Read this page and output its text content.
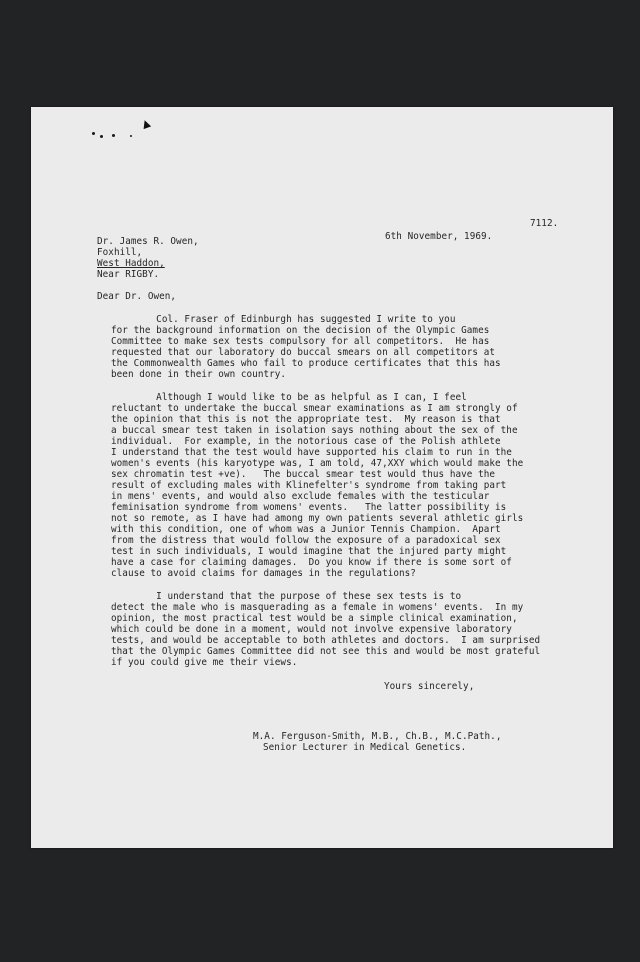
7112.
6th November, 1969.
Dr. James R. Owen,
Foxhill,
West Haddon,
Near RIGBY.
Dear Dr. Owen,
Col. Fraser of Edinburgh has suggested I write to you
for the background information on the decision of the Olympic Games
Committee to make sex tests compulsory for all competitors.  He has
requested that our laboratory do buccal smears on all competitors at
the Commonwealth Games who fail to produce certificates that this has
been done in their own country.
Although I would like to be as helpful as I can, I feel
reluctant to undertake the buccal smear examinations as I am strongly of
the opinion that this is not the appropriate test.  My reason is that
a buccal smear test taken in isolation says nothing about the sex of the
individual.  For example, in the notorious case of the Polish athlete
I understand that the test would have supported his claim to run in the
women's events (his karyotype was, I am told, 47,XXY which would make the
sex chromatin test +ve).   The buccal smear test would thus have the
result of excluding males with Klinefelter's syndrome from taking part
in mens' events, and would also exclude females with the testicular
feminisation syndrome from womens' events.   The latter possibility is
not so remote, as I have had among my own patients several athletic girls
with this condition, one of whom was a Junior Tennis Champion.  Apart
from the distress that would follow the exposure of a paradoxical sex
test in such individuals, I would imagine that the injured party might
have a case for claiming damages.  Do you know if there is some sort of
clause to avoid claims for damages in the regulations?
I understand that the purpose of these sex tests is to
detect the male who is masquerading as a female in womens' events.  In my
opinion, the most practical test would be a simple clinical examination,
which could be done in a moment, would not involve expensive laboratory
tests, and would be acceptable to both athletes and doctors.  I am surprised
that the Olympic Games Committee did not see this and would be most grateful
if you could give me their views.
Yours sincerely,
M.A. Ferguson-Smith, M.B., Ch.B., M.C.Path.,
Senior Lecturer in Medical Genetics.
